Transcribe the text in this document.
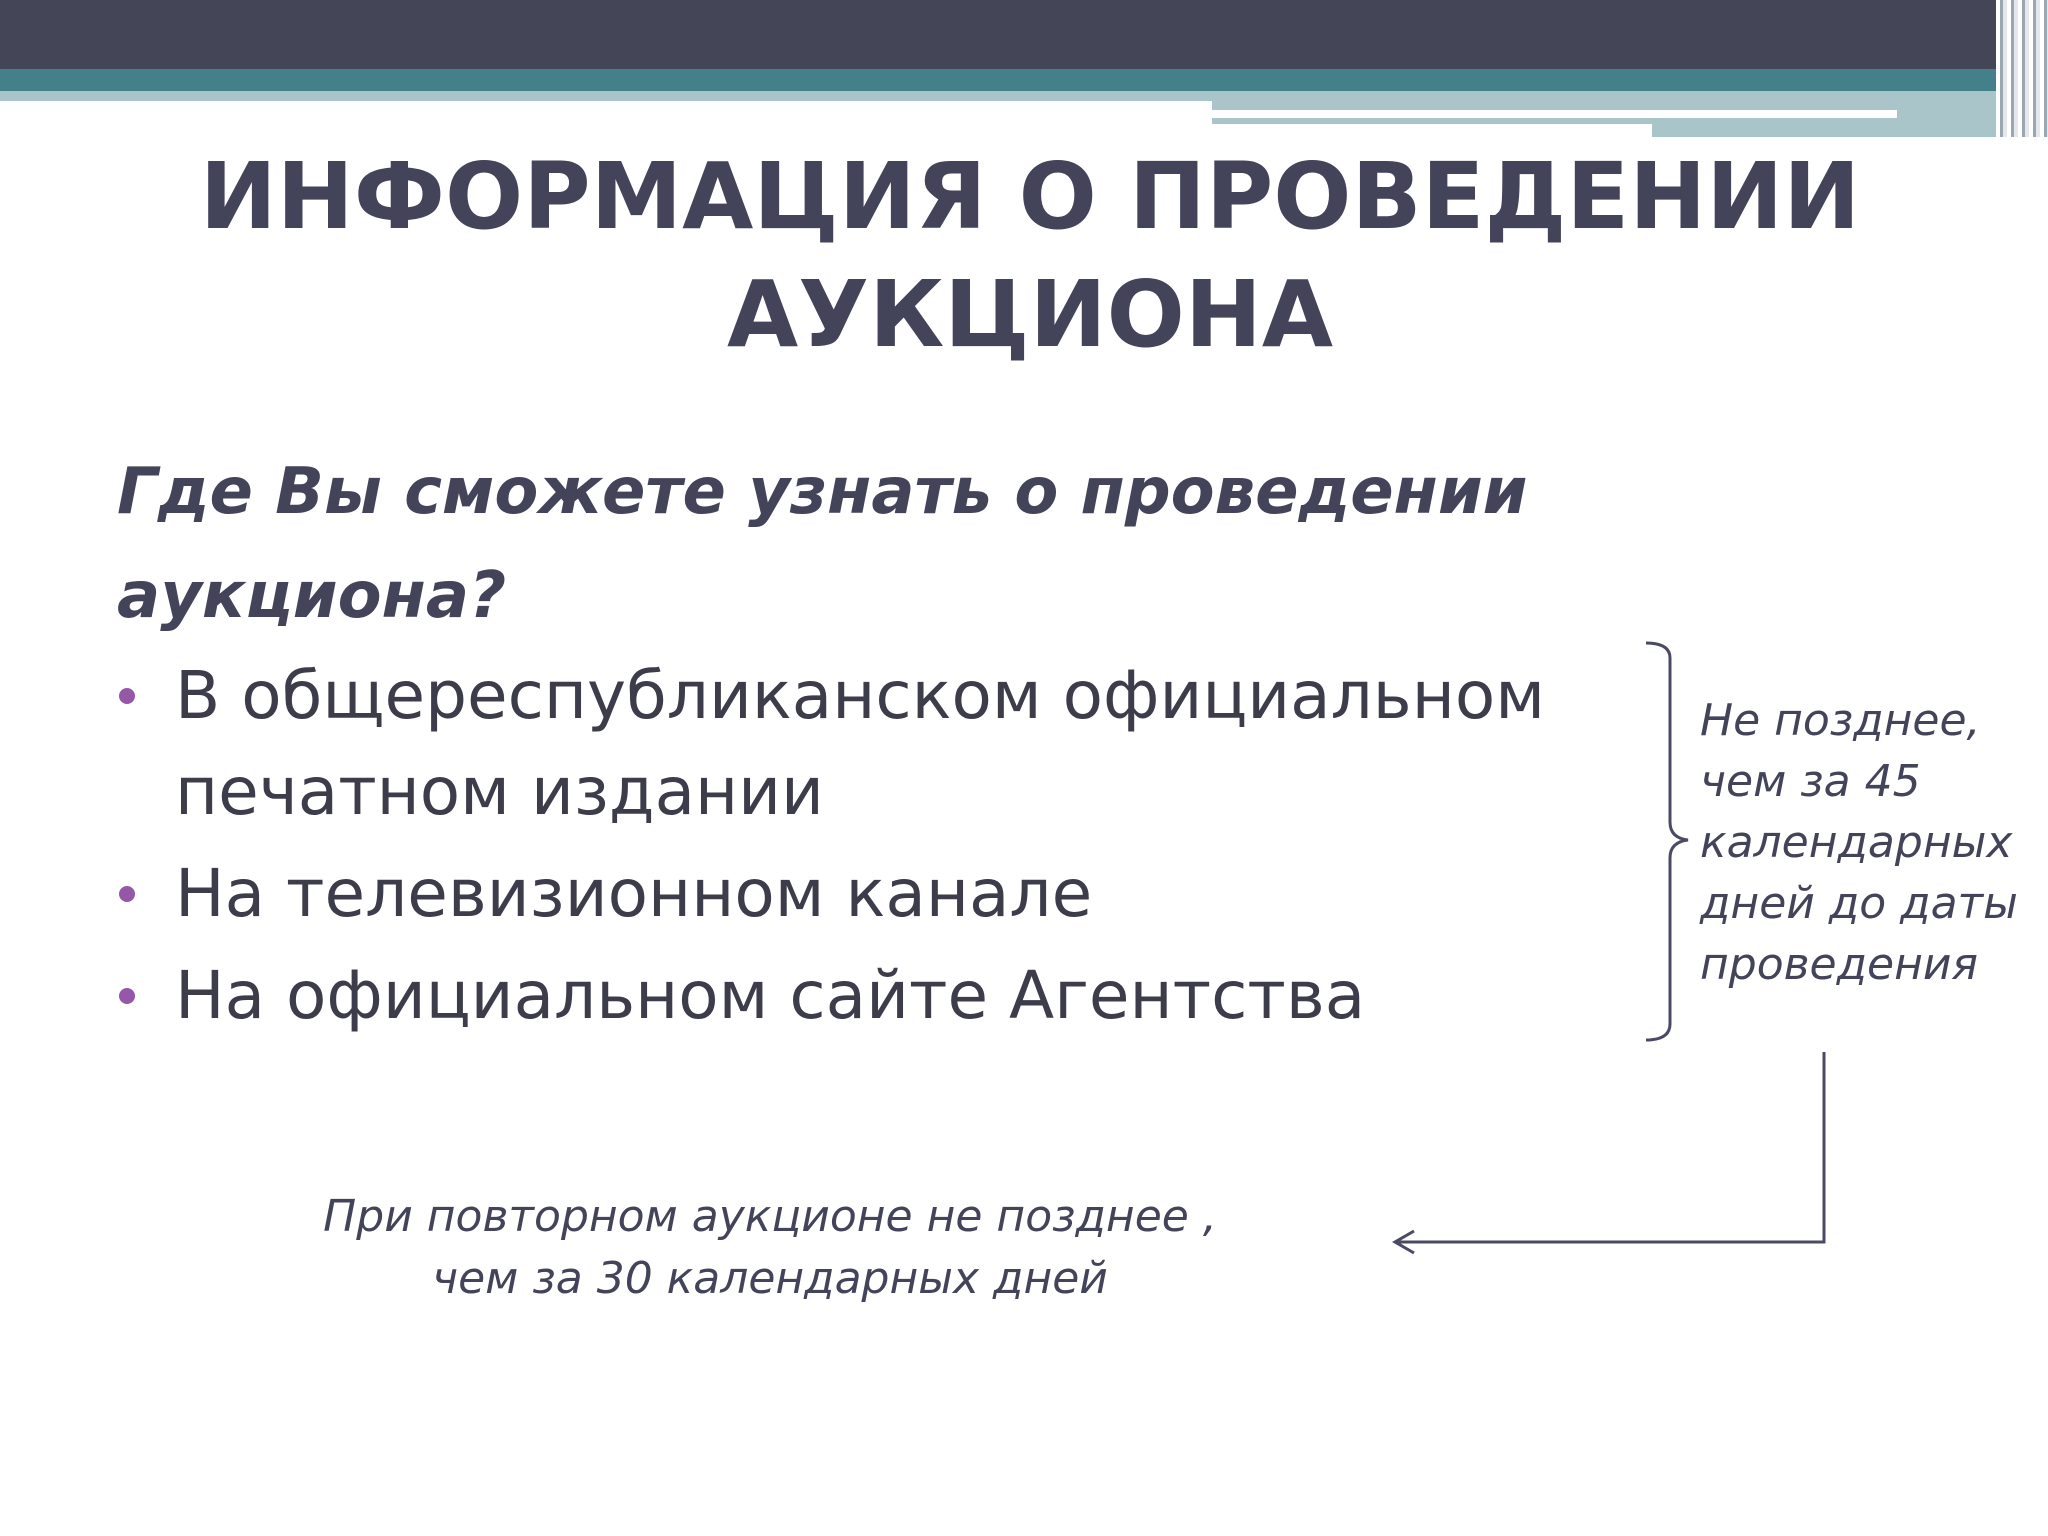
ИНФОРМАЦИЯ О ПРОВЕДЕНИИ АУКЦИОНА
Где Вы сможете узнать о проведении аукциона?
В общереспубликанском официальном печатном издании
На телевизионном канале
На официальном сайте Агентства
Не позднее,
чем за 45
календарных
дней до даты
проведения
При повторном аукционе не позднее ,
чем за 30 календарных дней
